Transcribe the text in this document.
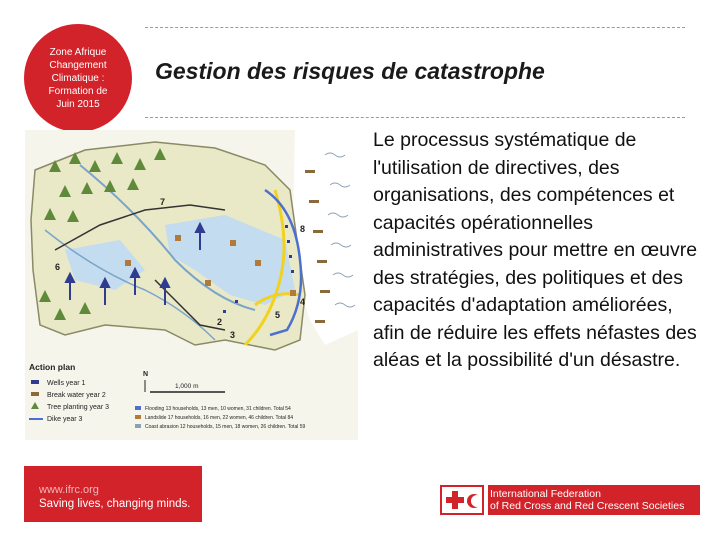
Zone Afrique Changement Climatique : Formation de Juin 2015
Gestion des risques de catastrophe
7
6
8
4
5
2
3
Action plan
Wells year 1
Break water year 2
Tree planting year 3
Dike year 3
N
1,000 m
Flooding 13 households, 13 men, 10 women, 31 children. Total 54
Landslide 17 households, 16 men, 22 women, 46 children. Total 84
Coast abrasion 12 households, 15 men, 18 women, 26 children. Total 59
Le processus systématique de l'utilisation de directives, des organisations, des compétences et capacités opérationnelles administratives pour mettre en œuvre des stratégies, des politiques et des capacités d'adaptation améliorées, afin de réduire les effets néfastes des aléas et la possibilité d'un désastre.
www.ifrc.org
Saving lives, changing minds.
International Federation
of Red Cross and Red Crescent Societies
